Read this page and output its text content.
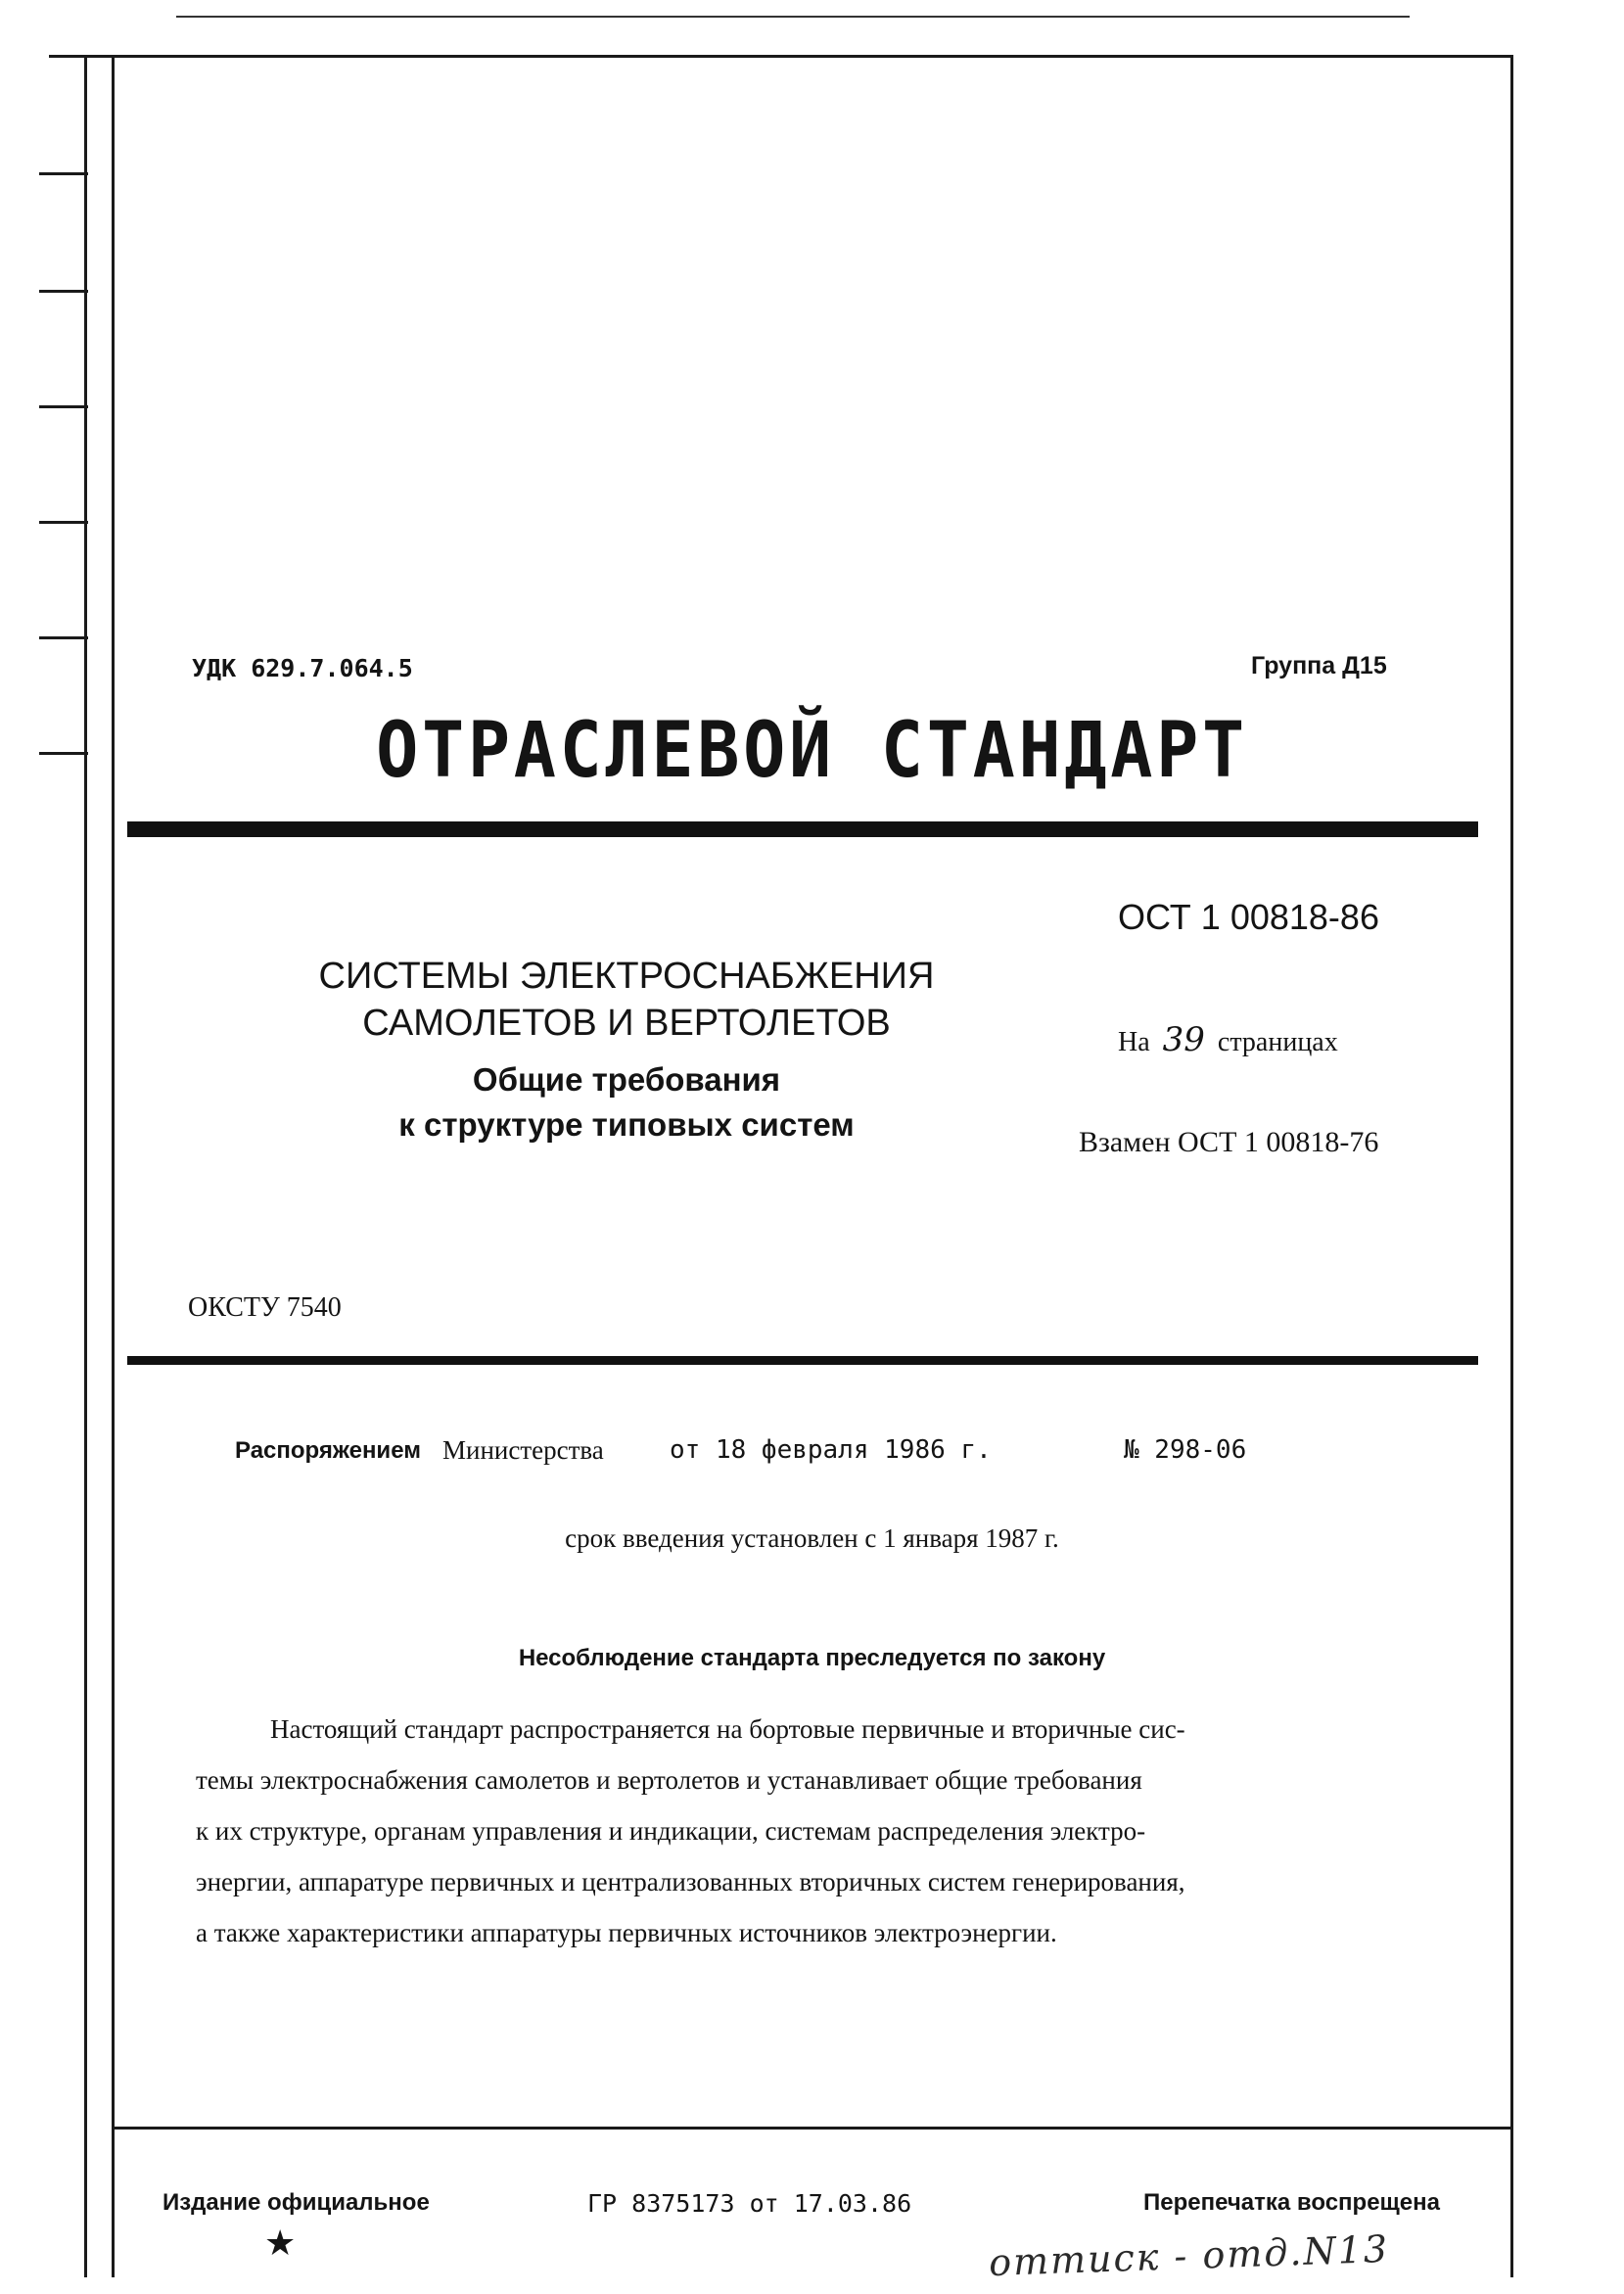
УДК 629.7.064.5	Группа Д15
ОТРАСЛЕВОЙ СТАНДАРТ
ОСТ 1 00818-86
СИСТЕМЫ ЭЛЕКТРОСНАБЖЕНИЯ
САМОЛЕТОВ И ВЕРТОЛЕТОВ
Общие требования
к структуре типовых систем
На 39 страницах
Взамен ОСТ 1 00818-76
ОКСТУ 7540
Распоряжением Министерства	от 18 февраля 1986 г.	№ 298-06
срок введения установлен с 1 января 1987 г.
Несоблюдение стандарта преследуется по закону
Настоящий стандарт распространяется на бортовые первичные и вторичные сис-
темы электроснабжения самолетов и вертолетов и устанавливает общие требования
к их структуре, органам управления и индикации, системам распределения электро-
энергии, аппаратуре первичных и централизованных вторичных систем генерирования,
а также характеристики аппаратуры первичных источников электроэнергии.
Издание официальное	ГР 8375173 от 17.03.86	Перепечатка воспрещена
★	оттиск - отд.N13
